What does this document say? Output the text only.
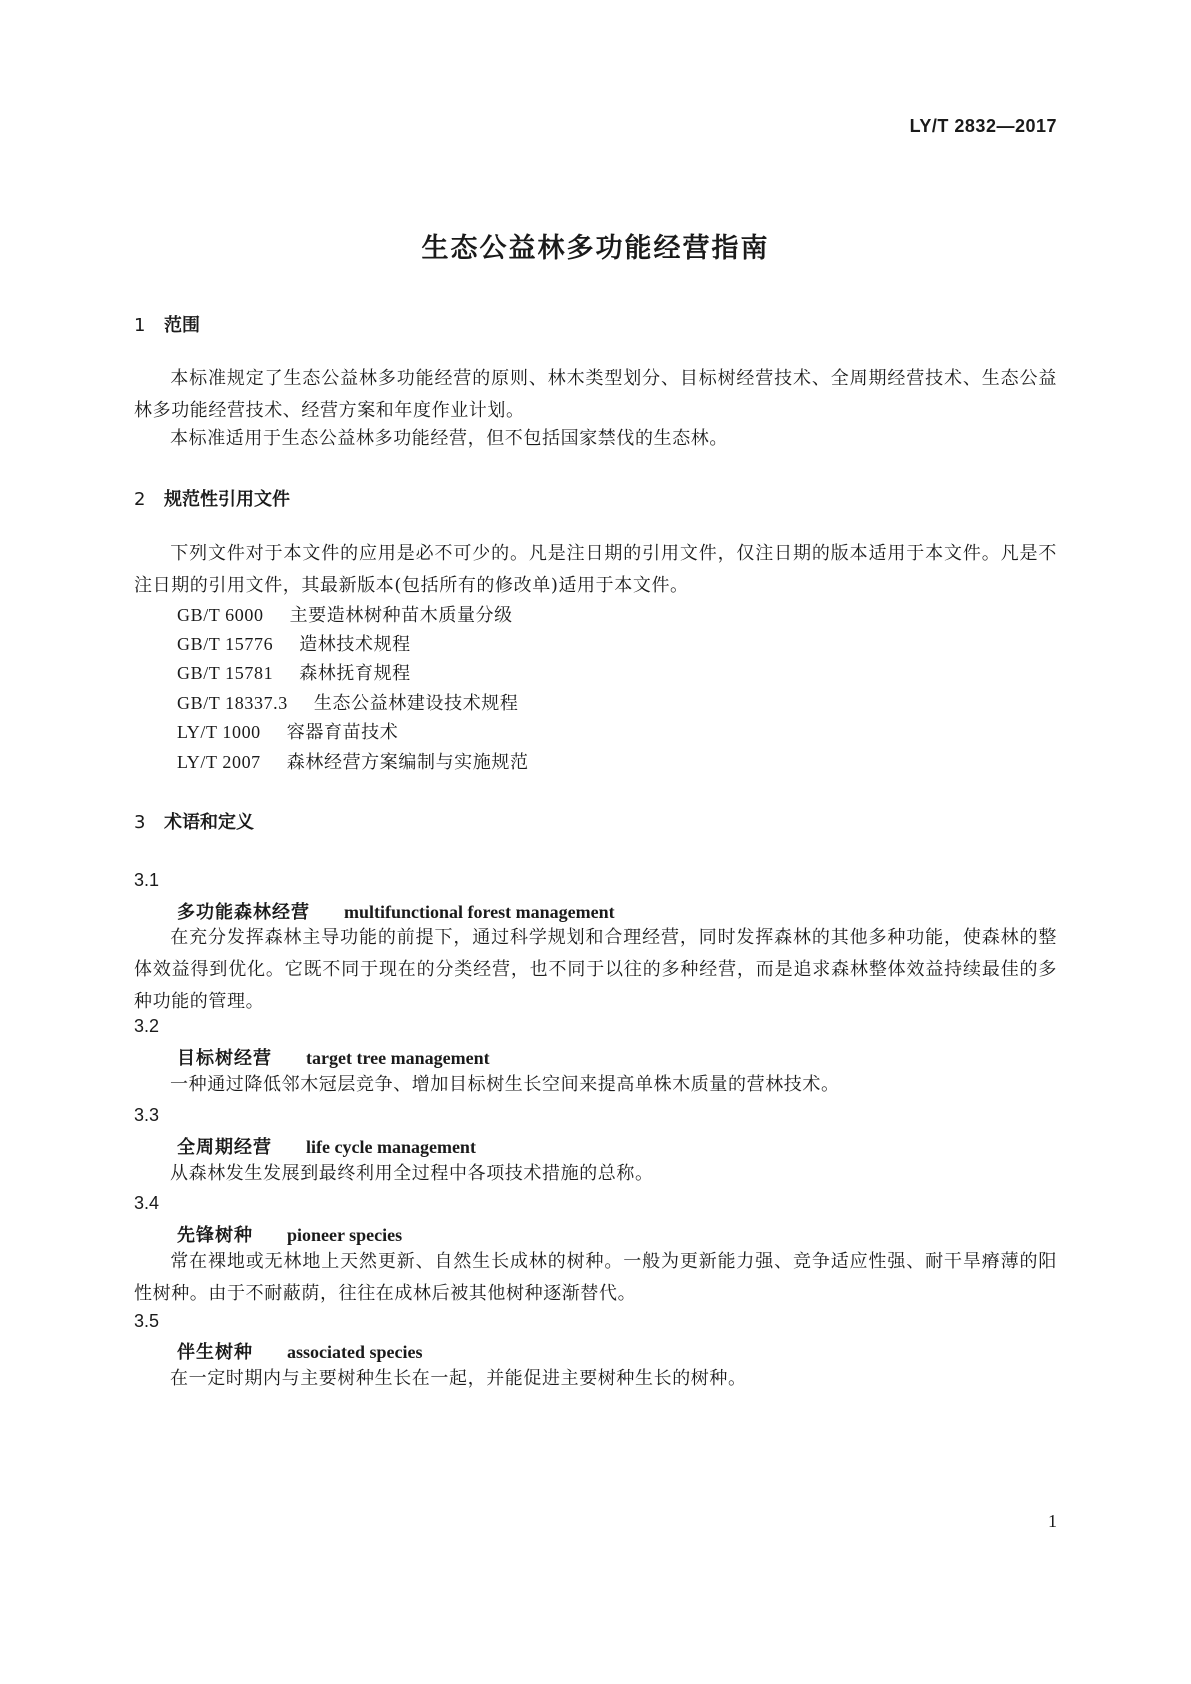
LY/T 2832—2017
生态公益林多功能经营指南
1 范围
本标准规定了生态公益林多功能经营的原则、林木类型划分、目标树经营技术、全周期经营技术、生态公益林多功能经营技术、经营方案和年度作业计划。
本标准适用于生态公益林多功能经营，但不包括国家禁伐的生态林。
2 规范性引用文件
下列文件对于本文件的应用是必不可少的。凡是注日期的引用文件，仅注日期的版本适用于本文件。凡是不注日期的引用文件，其最新版本(包括所有的修改单)适用于本文件。
GB/T 6000 主要造林树种苗木质量分级
GB/T 15776 造林技术规程
GB/T 15781 森林抚育规程
GB/T 18337.3 生态公益林建设技术规程
LY/T 1000 容器育苗技术
LY/T 2007 森林经营方案编制与实施规范
3 术语和定义
3.1
多功能森林经营 multifunctional forest management
在充分发挥森林主导功能的前提下，通过科学规划和合理经营，同时发挥森林的其他多种功能，使森林的整体效益得到优化。它既不同于现在的分类经营，也不同于以往的多种经营，而是追求森林整体效益持续最佳的多种功能的管理。
3.2
目标树经营 target tree management
一种通过降低邻木冠层竞争、增加目标树生长空间来提高单株木质量的营林技术。
3.3
全周期经营 life cycle management
从森林发生发展到最终利用全过程中各项技术措施的总称。
3.4
先锋树种 pioneer species
常在裸地或无林地上天然更新、自然生长成林的树种。一般为更新能力强、竞争适应性强、耐干旱瘠薄的阳性树种。由于不耐蔽荫，往往在成林后被其他树种逐渐替代。
3.5
伴生树种 associated species
在一定时期内与主要树种生长在一起，并能促进主要树种生长的树种。
1
